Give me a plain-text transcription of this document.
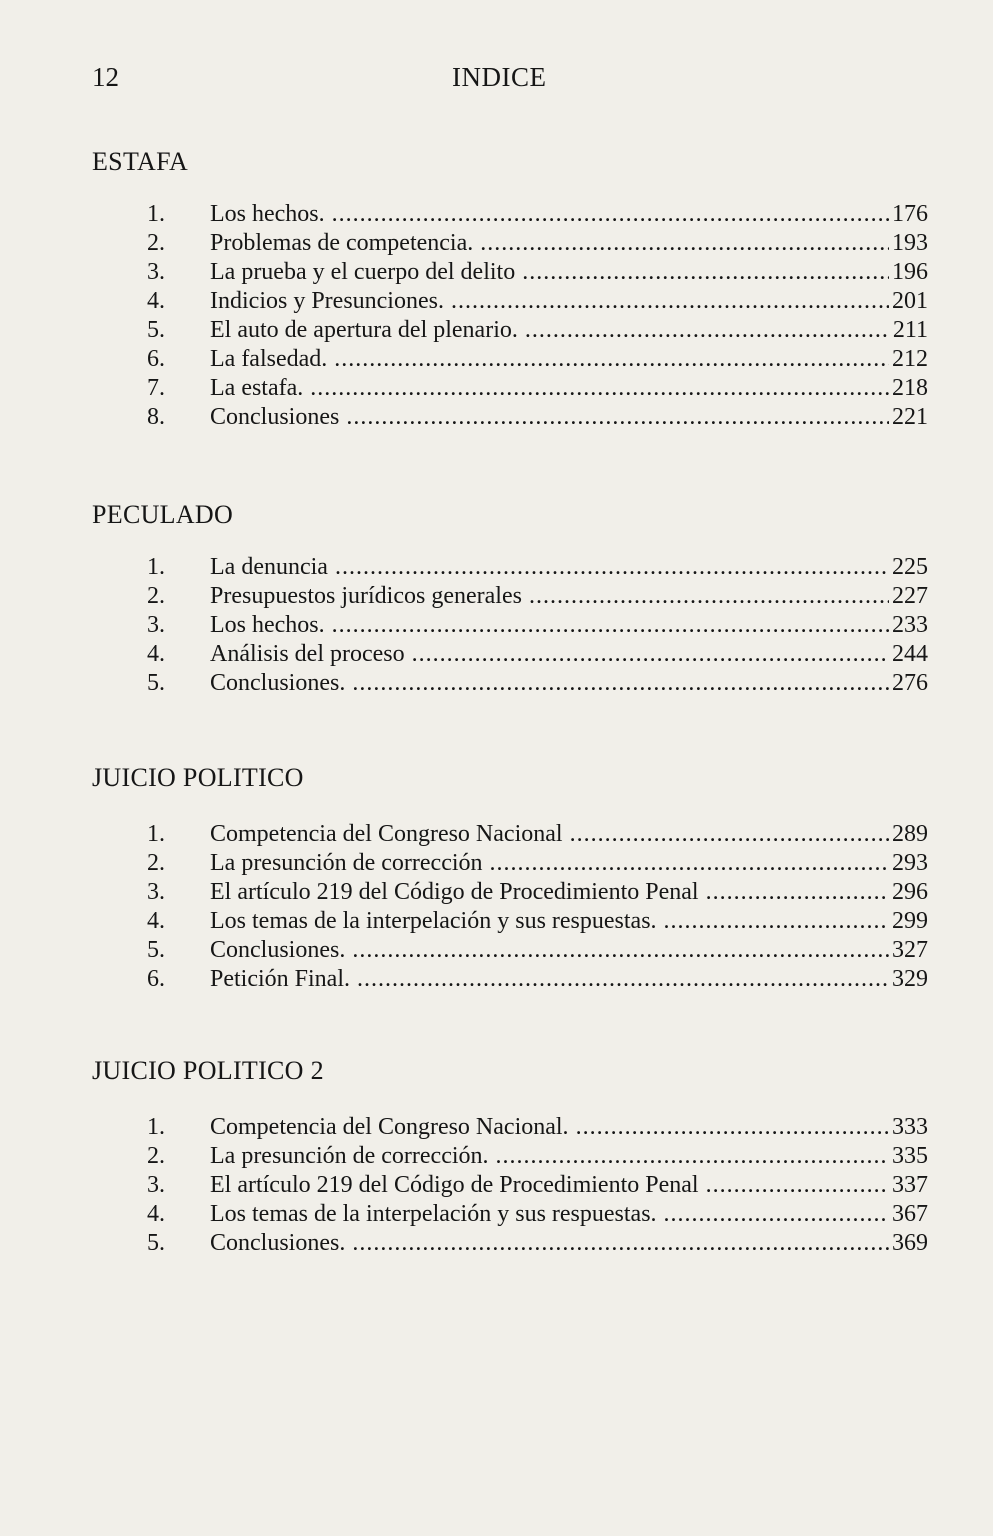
12	INDICE
ESTAFA
1.	Los hechos. .....	176
2.	Problemas de competencia. .....	193
3.	La prueba y el cuerpo del delito .....	196
4.	Indicios y Presunciones. .....	201
5.	El auto de apertura del plenario. .....	211
6.	La falsedad. .....	212
7.	La estafa. .....	218
8.	Conclusiones .....	221
PECULADO
1.	La denuncia .....	225
2.	Presupuestos jurídicos generales .....	227
3.	Los hechos. .....	233
4.	Análisis del proceso .....	244
5.	Conclusiones. .....	276
JUICIO POLITICO
1.	Competencia del Congreso Nacional .....	289
2.	La presunción de corrección .....	293
3.	El artículo 219 del Código de Procedimiento Penal .....	296
4.	Los temas de la interpelación y sus respuestas. .....	299
5.	Conclusiones. .....	327
6.	Petición Final. .....	329
JUICIO POLITICO 2
1.	Competencia del Congreso Nacional. .....	333
2.	La presunción de corrección. .....	335
3.	El artículo 219 del Código de Procedimiento Penal .....	337
4.	Los temas de la interpelación y sus respuestas. .....	367
5.	Conclusiones. .....	369
